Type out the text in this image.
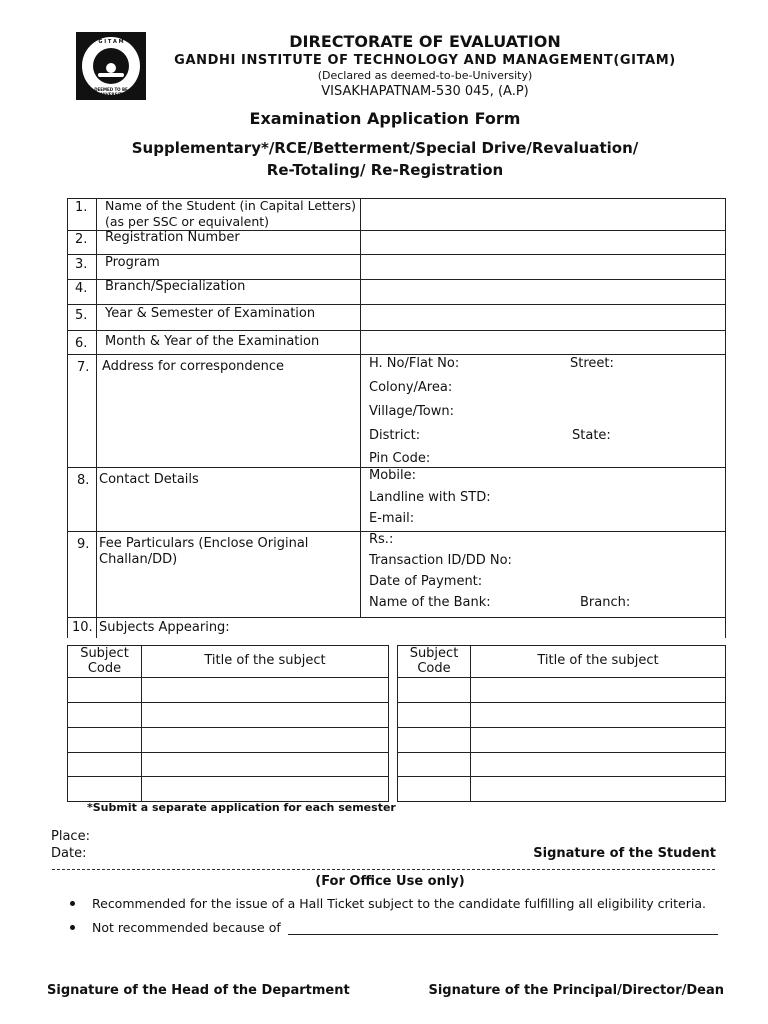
G I T A M
DEEMED TO BE UNIVERSITY
DIRECTORATE OF EVALUATION
GANDHI INSTITUTE OF TECHNOLOGY AND MANAGEMENT(GITAM)
(Declared as deemed-to-be-University)
VISAKHAPATNAM-530 045, (A.P)
Examination Application Form
Supplementary*/RCE/Betterment/Special Drive/Revaluation/
Re-Totaling/ Re-Registration
1. Name of the Student (in Capital Letters)
(as per SSC or equivalent)
2. Registration Number
3. Program
4. Branch/Specialization
5. Year & Semester of Examination
6. Month & Year of the Examination
7. Address for correspondence	H. No/Flat No:	Street:
Colony/Area:
Village/Town:
District:	State:
Pin Code:
8. Contact Details	Mobile:
Landline with STD:
E-mail:
9. Fee Particulars (Enclose Original
Challan/DD)
Rs.:
Transaction ID/DD No:
Date of Payment:
Name of the Bank:	Branch:
10. Subjects Appearing:
Subject
Code
Title of the subject	Subject
Code
Title of the subject
*Submit a separate application for each semester
Place:
Date:	Signature of the Student
(For Office Use only)
Recommended for the issue of a Hall Ticket subject to the candidate fulfilling all eligibility criteria.
Not recommended because of
Signature of the Head of the Department	Signature of the Principal/Director/Dean
